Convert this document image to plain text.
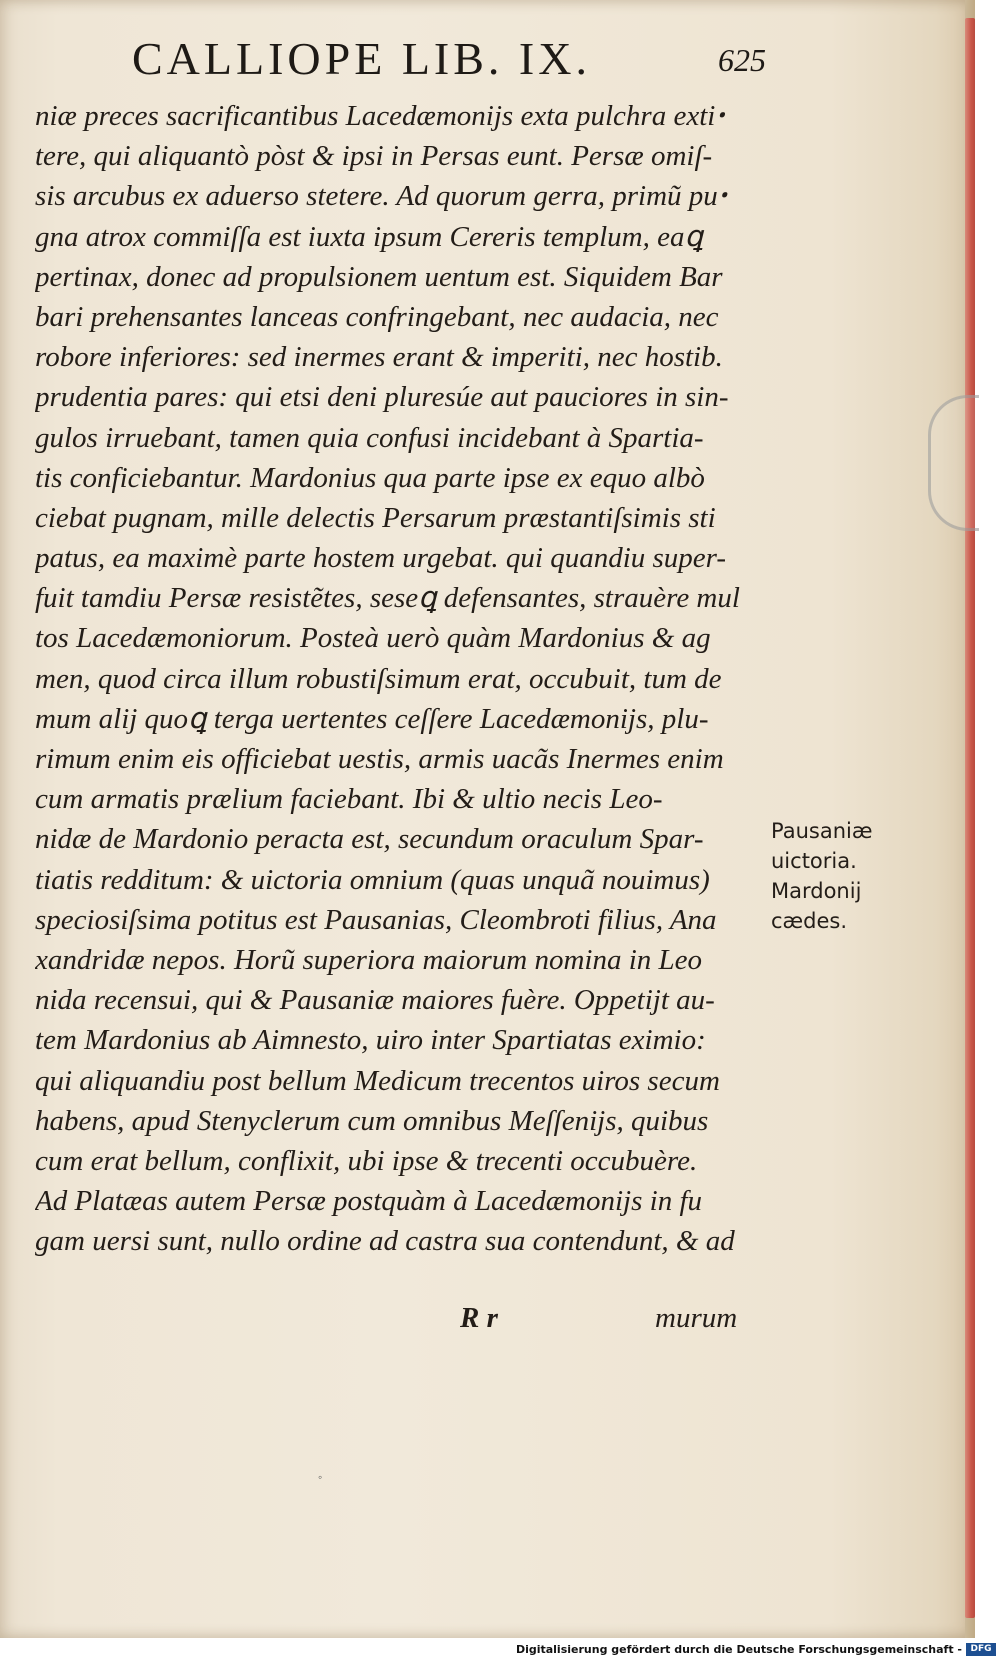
CALLIOPE LIB. IX.	625
niæ preces sacrificantibus Lacedæmonijs exta pulchra extiꞏ
tere, qui aliquantò pòst & ipsi in Persas eunt. Persæ omiſ-
sis arcubus ex aduerso stetere. Ad quorum gerra, primũ puꞏ
gna atrox commiſſa est iuxta ipsum Cereris templum, eaꝗ
pertinax, donec ad propulsionem uentum est. Siquidem Bar
bari prehensantes lanceas confringebant, nec audacia, nec
robore inferiores: sed inermes erant & imperiti, nec hostib.
prudentia pares: qui etsi deni pluresúe aut pauciores in sin-
gulos irruebant, tamen quia confusi incidebant à Spartia-
tis conficiebantur. Mardonius qua parte ipse ex equo albò
ciebat pugnam, mille delectis Persarum præstantiſsimis sti
patus, ea maximè parte hostem urgebat. qui quandiu super-
fuit tamdiu Persæ resistẽtes, seseꝗ defensantes, strauère mul
tos Lacedæmoniorum. Posteà uerò quàm Mardonius & ag
men, quod circa illum robustiſsimum erat, occubuit, tum de
mum alij quoꝗ terga uertentes ceſſere Lacedæmonijs, plu-
rimum enim eis officiebat uestis, armis uacãs Inermes enim
cum armatis prælium faciebant. Ibi & ultio necis Leo-
nidæ de Mardonio peracta est, secundum oraculum Spar-
tiatis redditum: & uictoria omnium (quas unquã nouimus)
speciosiſsima potitus est Pausanias, Cleombroti filius, Ana
xandridæ nepos. Horũ superiora maiorum nomina in Leo
nida recensui, qui & Pausaniæ maiores fuère. Oppetijt au-
tem Mardonius ab Aimnesto, uiro inter Spartiatas eximio:
qui aliquandiu post bellum Medicum trecentos uiros secum
habens, apud Stenyclerum cum omnibus Meſſenijs, quibus
cum erat bellum, conflixit, ubi ipse & trecenti occubuère.
Ad Platæas autem Persæ postquàm à Lacedæmonijs in fu
gam uersi sunt, nullo ordine ad castra sua contendunt, & ad
Pausaniæ
uictoria.
Mardonij
cædes.
R r	murum
◦
Digitalisierung gefördert durch die Deutsche Forschungsgemeinschaft - DFG
